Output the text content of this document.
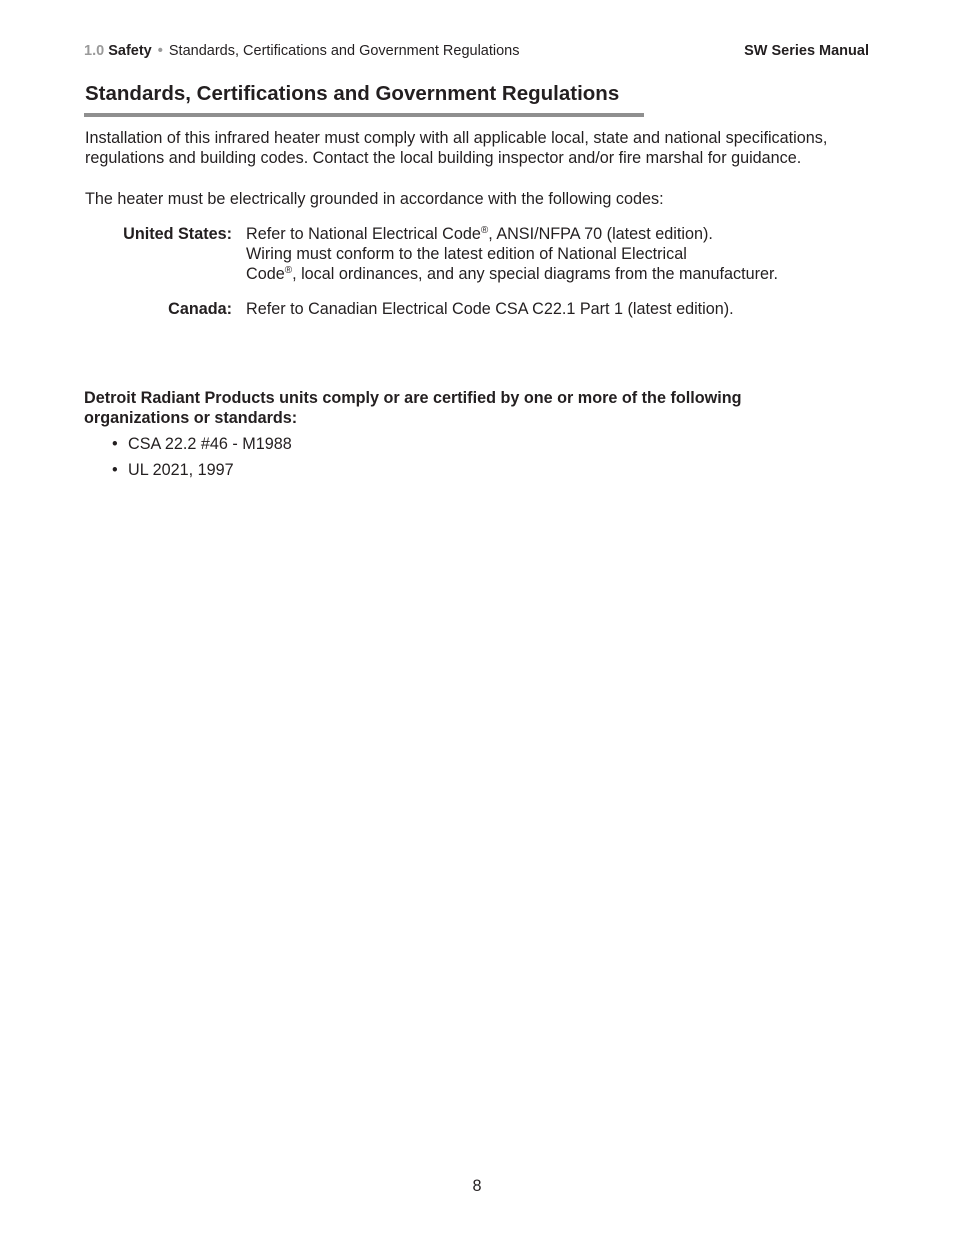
1.0 Safety • Standards, Certifications and Government Regulations	SW Series Manual
Standards, Certifications and Government Regulations
Installation of this infrared heater must comply with all applicable local, state and national specifications, regulations and building codes. Contact the local building inspector and/or fire marshal for guidance.
The heater must be electrically grounded in accordance with the following codes:
United States: Refer to National Electrical Code®, ANSI/NFPA 70 (latest edition).
Wiring must conform to the latest edition of National Electrical
Code®, local ordinances, and any special diagrams from the manufacturer.
Canada: Refer to Canadian Electrical Code CSA C22.1 Part 1 (latest edition).
Detroit Radiant Products units comply or are certified by one or more of the following organizations or standards:
• CSA 22.2 #46 - M1988
• UL 2021, 1997
8
